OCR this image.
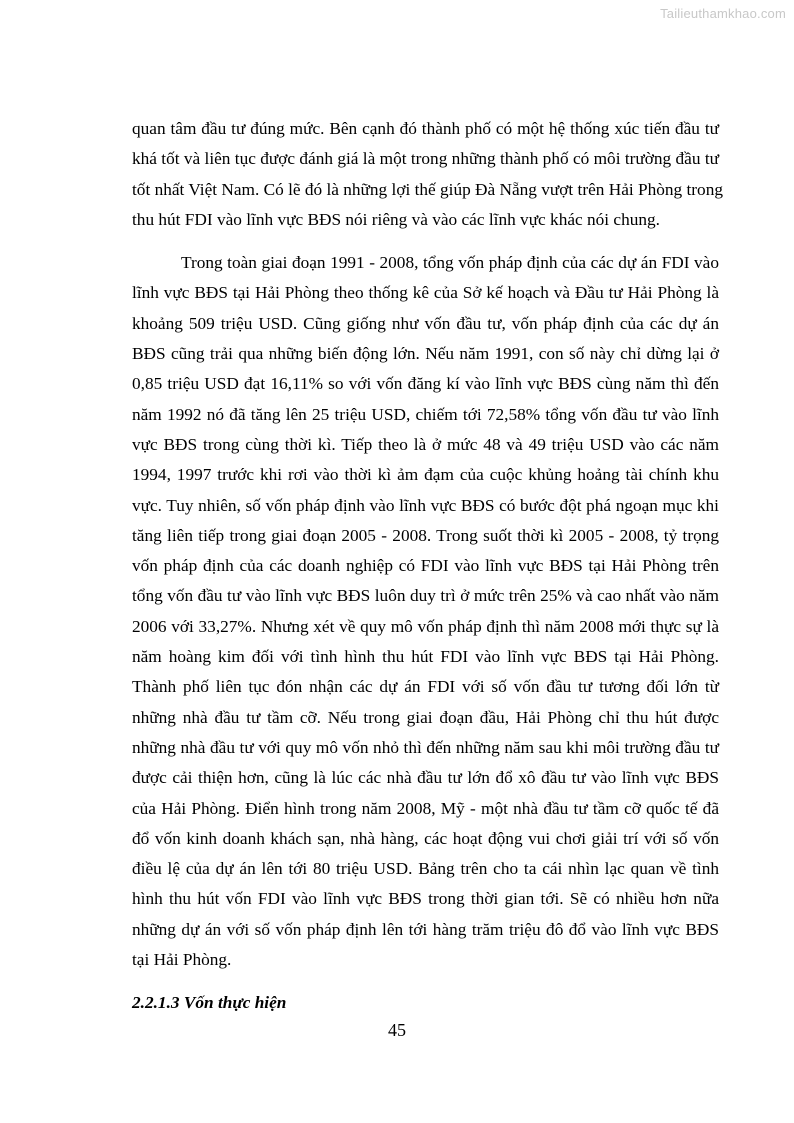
Tailieuthamkhao.com
quan tâm đầu tư đúng mức. Bên cạnh đó thành phố có một hệ thống xúc tiến đầu tư
khá tốt và liên tục được đánh giá là một trong những thành phố có môi trường đầu tư
tốt nhất Việt Nam. Có lẽ đó là những lợi thế giúp Đà Nẵng vượt trên Hải Phòng trong
thu hút FDI vào lĩnh vực BĐS nói riêng và vào các lĩnh vực khác nói chung.
Trong toàn giai đoạn 1991 - 2008, tổng vốn pháp định của các dự án FDI vào
lĩnh vực BĐS tại Hải Phòng theo thống kê của Sở kế hoạch và Đầu tư Hải Phòng là
khoảng 509 triệu USD. Cũng giống như vốn đầu tư, vốn pháp định của các dự án
BĐS cũng trải qua những biến động lớn. Nếu năm 1991, con số này chỉ dừng lại ở
0,85 triệu USD đạt 16,11% so với vốn đăng kí vào lĩnh vực BĐS cùng năm thì đến
năm 1992 nó đã tăng lên 25 triệu USD, chiếm tới 72,58% tổng vốn đầu tư vào lĩnh
vực BĐS trong cùng thời kì. Tiếp theo là ở mức 48 và 49 triệu USD vào các năm
1994, 1997 trước khi rơi vào thời kì ảm đạm của cuộc khủng hoảng tài chính khu
vực. Tuy nhiên, số vốn pháp định vào lĩnh vực BĐS có bước đột phá ngoạn mục khi
tăng liên tiếp trong giai đoạn 2005 - 2008. Trong suốt thời kì 2005 - 2008, tỷ trọng
vốn pháp định của các doanh nghiệp có FDI vào lĩnh vực BĐS tại Hải Phòng trên
tổng vốn đầu tư vào lĩnh vực BĐS luôn duy trì ở mức trên 25% và cao nhất vào năm
2006 với 33,27%. Nhưng xét về quy mô vốn pháp định thì năm 2008 mới thực sự là
năm hoàng kim đối với tình hình thu hút FDI vào lĩnh vực BĐS tại Hải Phòng.
Thành phố liên tục đón nhận các dự án FDI với số vốn đầu tư tương đối lớn từ
những nhà đầu tư tầm cỡ. Nếu trong giai đoạn đầu, Hải Phòng chỉ thu hút được
những nhà đầu tư với quy mô vốn nhỏ thì đến những năm sau khi môi trường đầu tư
được cải thiện hơn, cũng là lúc các nhà đầu tư lớn đổ xô đầu tư vào lĩnh vực BĐS
của Hải Phòng. Điển hình trong năm 2008, Mỹ - một nhà đầu tư tầm cỡ quốc tế đã
đổ vốn kinh doanh khách sạn, nhà hàng, các hoạt động vui chơi giải trí với số vốn
điều lệ của dự án lên tới 80 triệu USD. Bảng trên cho ta cái nhìn lạc quan về tình
hình thu hút vốn FDI vào lĩnh vực BĐS trong thời gian tới. Sẽ có nhiều hơn nữa
những dự án với số vốn pháp định lên tới hàng trăm triệu đô đổ vào lĩnh vực BĐS
tại Hải Phòng.
2.2.1.3 Vốn thực hiện
45
